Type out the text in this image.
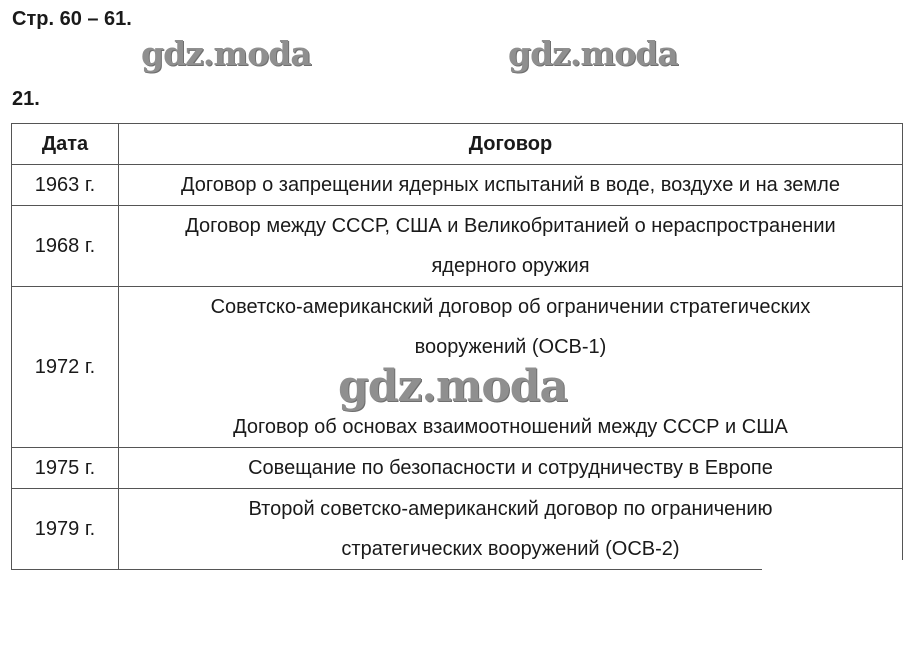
Стр. 60 – 61.
gdz.moda	gdz.moda
21.
Дата	Договор
1963 г.	Договор о запрещении ядерных испытаний в воде, воздухе и на земле

1968 г.	Договор между СССР, США и Великобританией о нераспространении
ядерного оружия

1972 г.	Советско-американский договор об ограничении стратегических
вооружений (ОСВ-1)

Договор об основах взаимоотношений между СССР и США

1975 г.	Совещание по безопасности и сотрудничеству в Европе

1979 г.	Второй советско-американский договор по ограничению
стратегических вооружений (ОСВ-2)
gdz.moda
